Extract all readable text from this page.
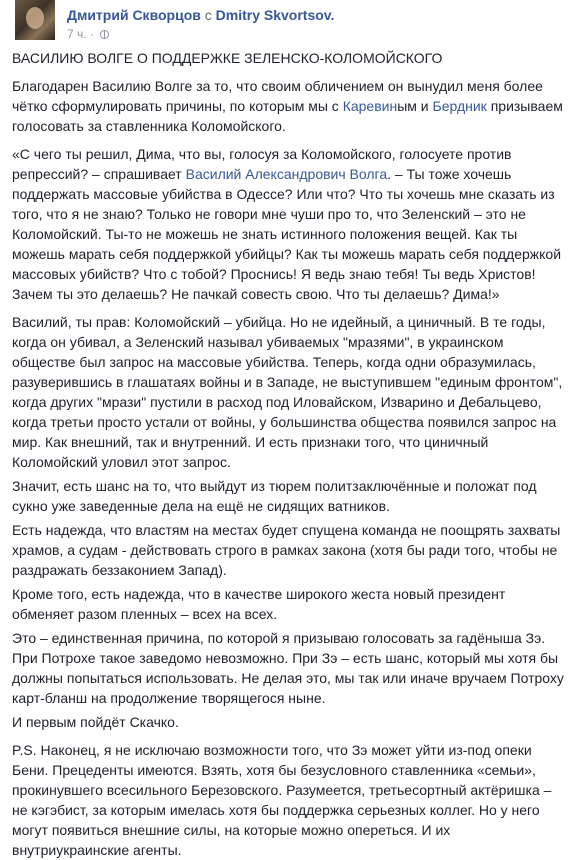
Дмитрий Скворцов с Dmitry Skvortsov.
7 ч. ·

ВАСИЛИЮ ВОЛГЕ О ПОДДЕРЖКЕ ЗЕЛЕНСКО-КОЛОМОЙСКОГО

Благодарен Василию Волге за то, что своим обличением он вынудил меня более чётко сформулировать причины, по которым мы с Каревиным и Бердник призываем голосовать за ставленника Коломойского.

«С чего ты решил, Дима, что вы, голосуя за Коломойского, голосуете против репрессий? – спрашивает Василий Александрович Волга. – Ты тоже хочешь поддержать массовые убийства в Одессе? Или что? Что ты хочешь мне сказать из того, что я не знаю? Только не говори мне чуши про то, что Зеленский – это не Коломойский. Ты-то не можешь не знать истинного положения вещей. Как ты можешь марать себя поддержкой убийцы? Как ты можешь марать себя поддержкой массовых убийств? Что с тобой? Проснись! Я ведь знаю тебя! Ты ведь Христов! Зачем ты это делаешь? Не пачкай совесть свою. Что ты делаешь? Дима!»

Василий, ты прав: Коломойский – убийца. Но не идейный, а циничный. В те годы, когда он убивал, а Зеленский называл убиваемых "мразями", в украинском обществе был запрос на массовые убийства. Теперь, когда одни образумилась, разуверившись в глашатаях войны и в Западе, не выступившем "единым фронтом", когда других "мрази" пустили в расход под Иловайском, Изварино и Дебальцево, когда третьи просто устали от войны, у большинства общества появился запрос на мир. Как внешний, так и внутренний. И есть признаки того, что циничный Коломойский уловил этот запрос.

Значит, есть шанс на то, что выйдут из тюрем политзаключённые и положат под сукно уже заведенные дела на ещё не сидящих ватников.

Есть надежда, что властям на местах будет спущена команда не поощрять захваты храмов, а судам - действовать строго в рамках закона (хотя бы ради того, чтобы не раздражать беззаконием Запад).

Кроме того, есть надежда, что в качестве широкого жеста новый президент обменяет разом пленных – всех на всех.

Это – единственная причина, по которой я призываю голосовать за гадёныша Зэ. При Потрохе такое заведомо невозможно. При Зэ – есть шанс, который мы хотя бы должны попытаться использовать. Не делая это, мы так или иначе вручаем Потроху карт-бланш на продолжение творящегося ныне.

И первым пойдёт Скачко.

P.S. Наконец, я не исключаю возможности того, что Зэ может уйти из-под опеки Бени. Прецеденты имеются. Взять, хотя бы безусловного ставленника «семьи», прокинувшего всесильного Березовского. Разумеется, третьесортный актёришка – не кэгэбист, за которым имелась хотя бы поддержка серьезных коллег. Но у него могут появиться внешние силы, на которые можно опереться. И их внутриукраинские агенты.
